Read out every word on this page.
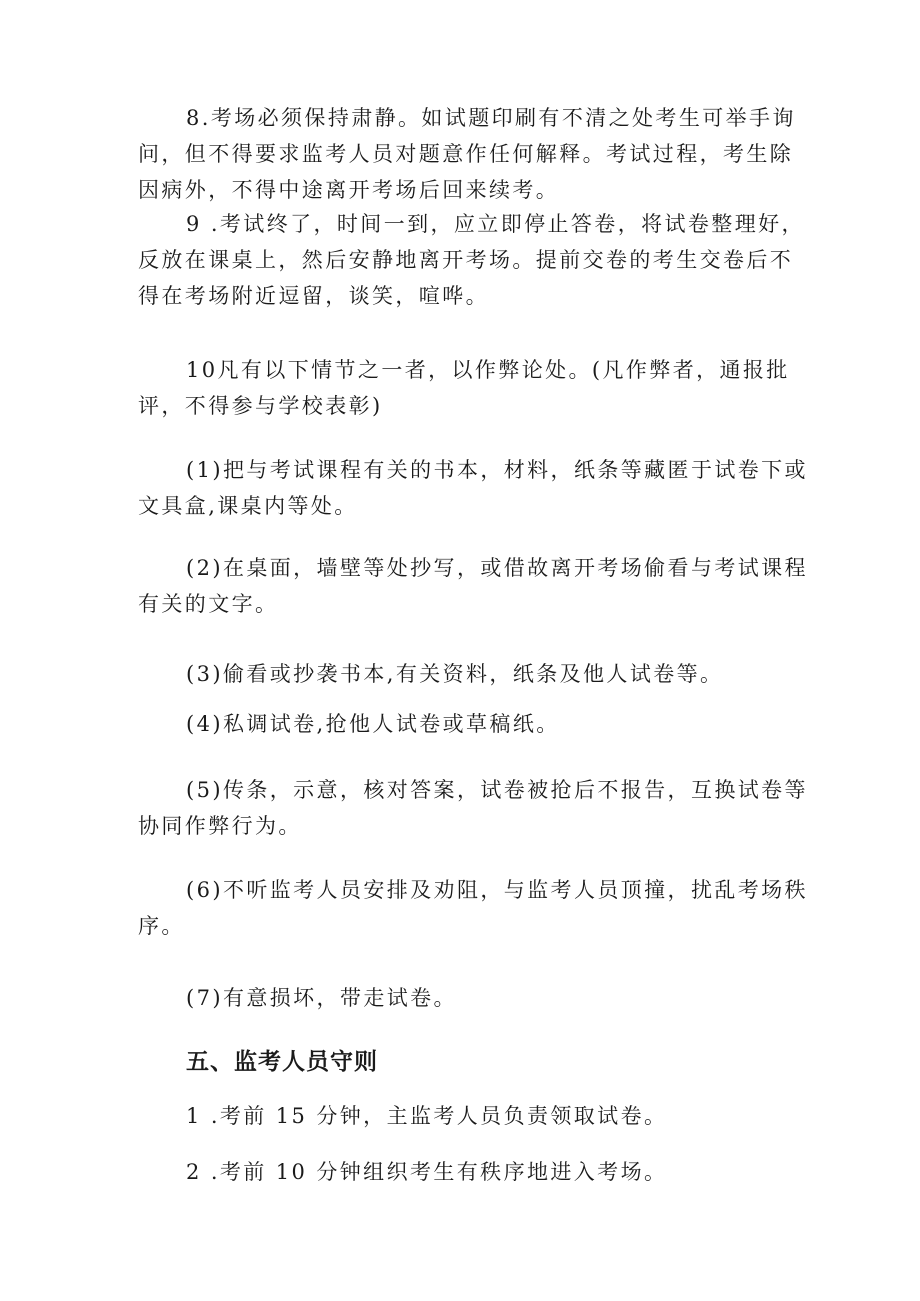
8.考场必须保持肃静。如试题印刷有不清之处考生可举手询
问，但不得要求监考人员对题意作任何解释。考试过程，考生除
因病外，不得中途离开考场后回来续考。

9 .考试终了，时间一到，应立即停止答卷，将试卷整理好，
反放在课桌上，然后安静地离开考场。提前交卷的考生交卷后不
得在考场附近逗留，谈笑，喧哗。

10凡有以下情节之一者，以作弊论处。(凡作弊者，通报批
评，不得参与学校表彰)

(1)把与考试课程有关的书本，材料，纸条等藏匿于试卷下或
文具盒,课桌内等处。

(2)在桌面，墙壁等处抄写，或借故离开考场偷看与考试课程
有关的文字。

(3)偷看或抄袭书本,有关资料，纸条及他人试卷等。

(4)私调试卷,抢他人试卷或草稿纸。

(5)传条，示意，核对答案，试卷被抢后不报告，互换试卷等
协同作弊行为。

(6)不听监考人员安排及劝阻，与监考人员顶撞，扰乱考场秩
序。

(7)有意损坏，带走试卷。

五、监考人员守则

1 .考前 15 分钟，主监考人员负责领取试卷。

2 .考前 10 分钟组织考生有秩序地进入考场。
